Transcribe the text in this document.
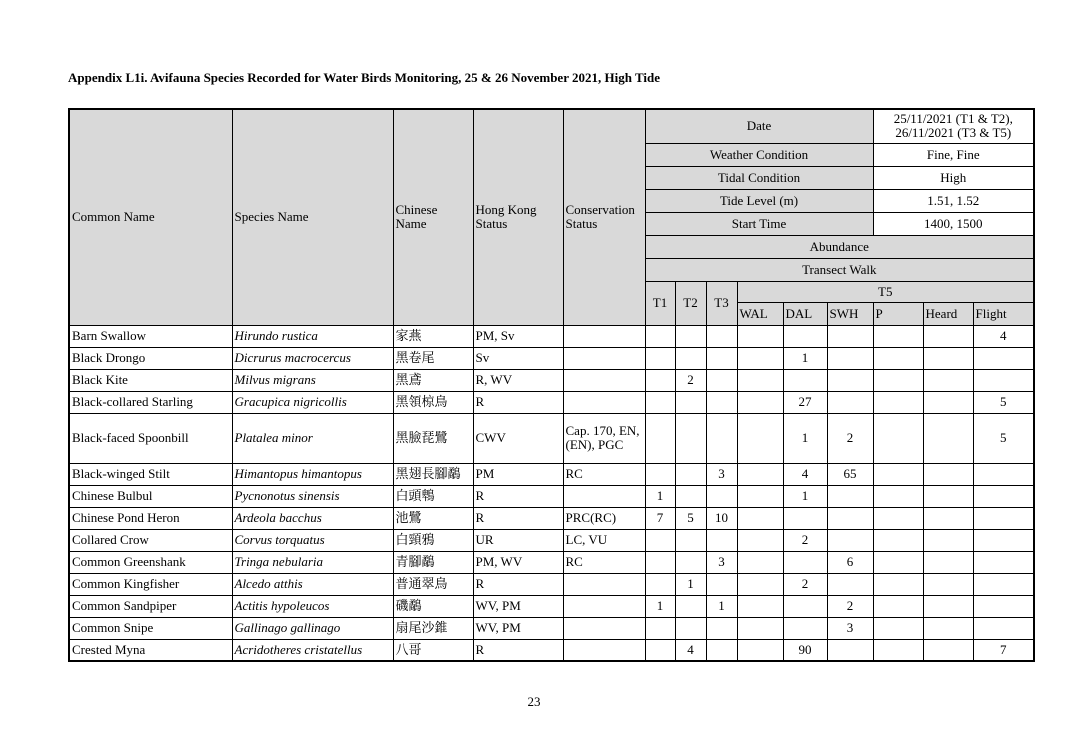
Appendix L1i. Avifauna Species Recorded for Water Birds Monitoring, 25 & 26 November 2021, High Tide
Common Name	Species Name	Chinese Name	Hong Kong Status	Conservation Status	Date						25/11/2021 (T1 & T2), 26/11/2021 (T3 & T5)		
					Weather Condition						Fine, Fine		
					Tidal Condition						High		
					Tide Level (m)						1.51, 1.52		
					Start Time						1400, 1500		
					Abundance								
					Transect Walk								
					T1	T2	T3	T5					
								WAL	DAL	SWH	P	Heard	Flight
Barn Swallow	Hirundo rustica	家燕	PM, Sv										4
Black Drongo	Dicrurus macrocercus	黑卷尾	Sv						1				
Black Kite	Milvus migrans	黑鳶	R, WV			2							
Black-collared Starling	Gracupica nigricollis	黑領椋鳥	R						27				5
Black-faced Spoonbill	Platalea minor	黑臉琵鷺	CWV	Cap. 170, EN, (EN), PGC					1	2			5
Black-winged Stilt	Himantopus himantopus	黑翅長腳鷸	PM	RC			3		4	65			
Chinese Bulbul	Pycnonotus sinensis	白頭鵯	R		1				1				
Chinese Pond Heron	Ardeola bacchus	池鷺	R	PRC(RC)	7	5	10						
Collared Crow	Corvus torquatus	白頸鴉	UR	LC, VU					2				
Common Greenshank	Tringa nebularia	青腳鷸	PM, WV	RC			3			6			
Common Kingfisher	Alcedo atthis	普通翠鳥	R			1			2				
Common Sandpiper	Actitis hypoleucos	磯鷸	WV, PM		1		1			2			
Common Snipe	Gallinago gallinago	扇尾沙錐	WV, PM							3			
Crested Myna	Acridotheres cristatellus	八哥	R			4			90				7
23
